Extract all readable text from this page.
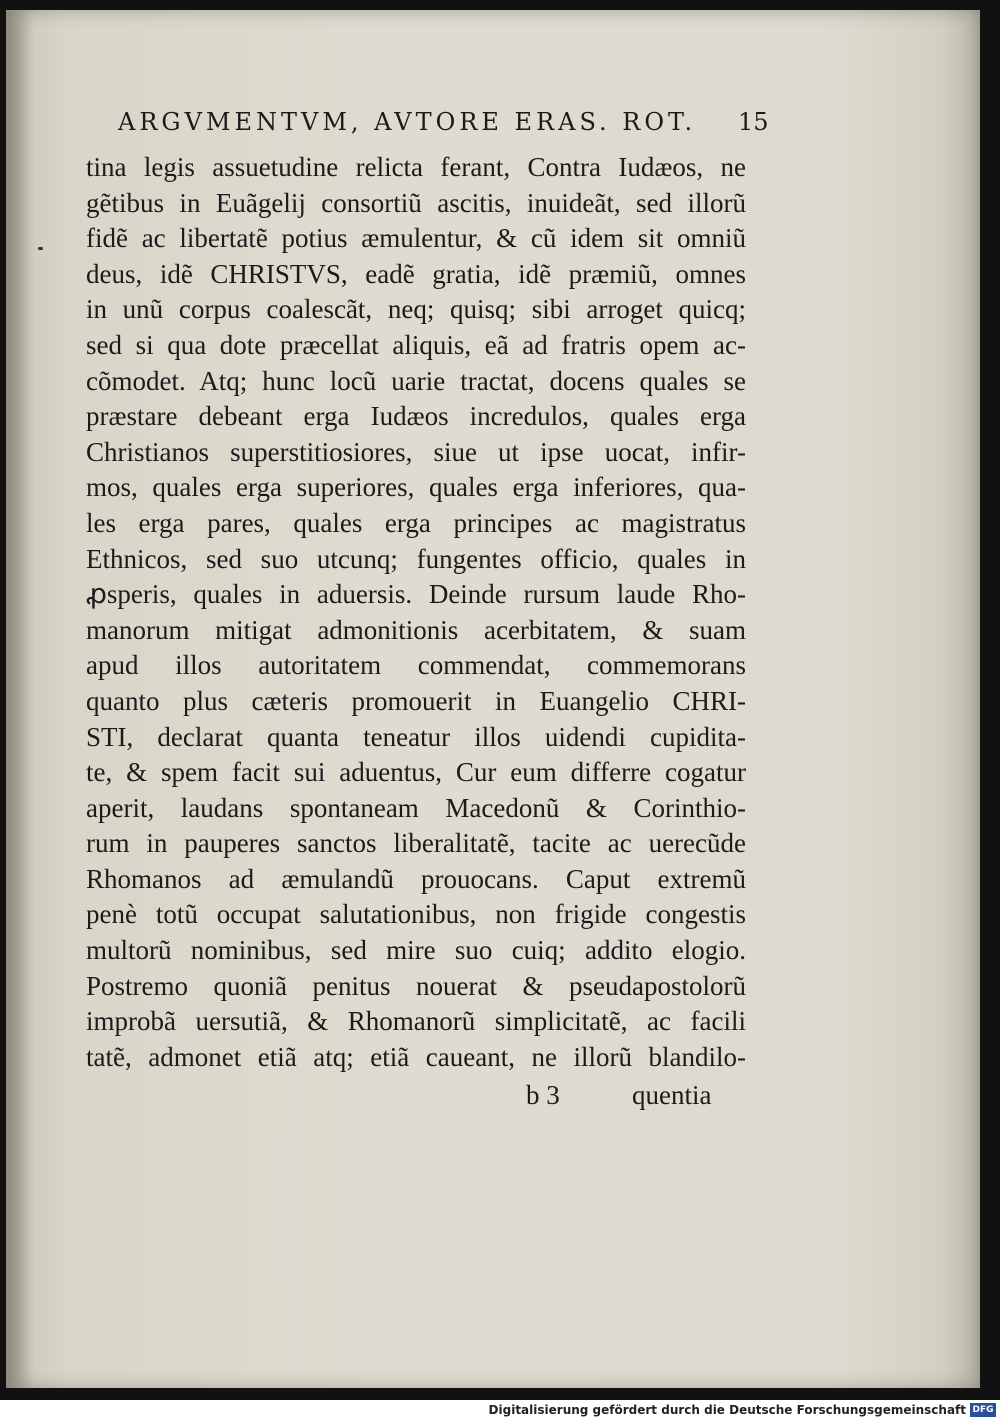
ARGVMENTVM, AVTORE ERAS. ROT. 15
tina legis assuetudine relicta ferant, Contra Iudæos, ne
gẽtibus in Euãgelij consortiũ ascitis, inuideãt, sed illorũ
fidẽ ac libertatẽ potius æmulentur, & cũ idem sit omniũ
deus, idẽ CHRISTVS, eadẽ gratia, idẽ præmiũ, omnes
in unũ corpus coalescãt, neq; quisq; sibi arroget quicq;
sed si qua dote præcellat aliquis, eã ad fratris opem ac-
cõmodet. Atq; hunc locũ uarie tractat, docens quales se
præstare debeant erga Iudæos incredulos, quales erga
Christianos superstitiosiores, siue ut ipse uocat, infir-
mos, quales erga superiores, quales erga inferiores, qua-
les erga pares, quales erga principes ac magistratus
Ethnicos, sed suo utcunq; fungentes officio, quales in
ꝓsperis, quales in aduersis. Deinde rursum laude Rho-
manorum mitigat admonitionis acerbitatem, & suam
apud illos autoritatem commendat, commemorans
quanto plus cæteris promouerit in Euangelio CHRI-
STI, declarat quanta teneatur illos uidendi cupidita-
te, & spem facit sui aduentus, Cur eum differre cogatur
aperit, laudans spontaneam Macedonũ & Corinthio-
rum in pauperes sanctos liberalitatẽ, tacite ac uerecũde
Rhomanos ad æmulandũ prouocans. Caput extremũ
penè totũ occupat salutationibus, non frigide congestis
multorũ nominibus, sed mire suo cuiq; addito elogio.
Postremo quoniã penitus nouerat & pseudapostolorũ
improbã uersutiã, & Rhomanorũ simplicitatẽ, ac facili
tatẽ, admonet etiã atq; etiã caueant, ne illorũ blandilo-
b 3	quentia
Digitalisierung gefördert durch die Deutsche Forschungsgemeinschaft DFG
